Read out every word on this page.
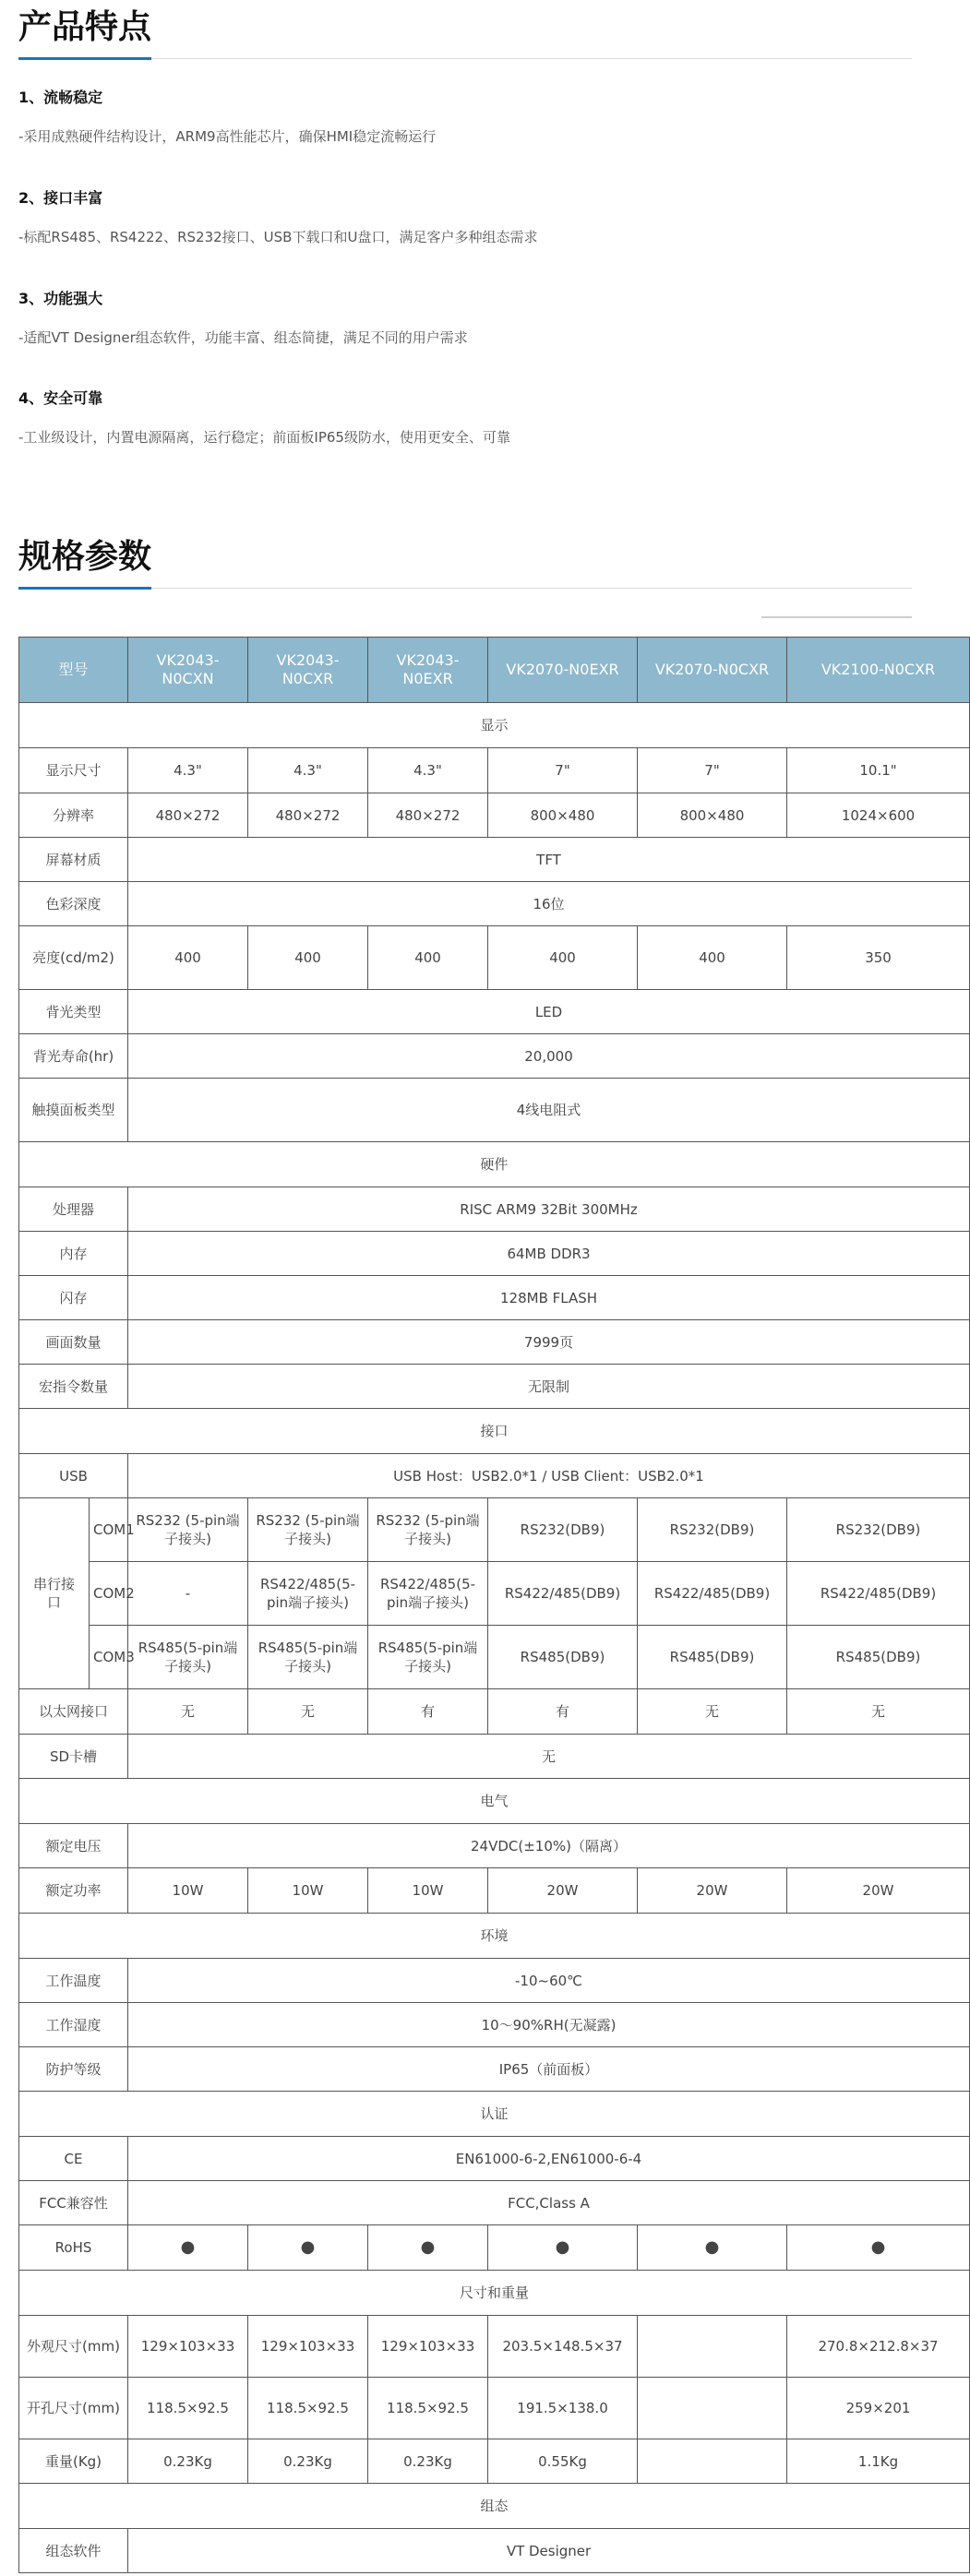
产品特点
1、流畅稳定
-采用成熟硬件结构设计，ARM9高性能芯片，确保HMI稳定流畅运行
2、接口丰富
-标配RS485、RS4222、RS232接口、USB下载口和U盘口，满足客户多种组态需求
3、功能强大
-适配VT Designer组态软件，功能丰富、组态简捷，满足不同的用户需求
4、安全可靠
-工业级设计，内置电源隔离，运行稳定；前面板IP65级防水，使用更安全、可靠
规格参数
型号		VK2043-N0CXN	VK2043-N0CXR	VK2043-N0EXR	VK2070-N0EXR	VK2070-N0CXR	VK2100-N0CXR
显示							
显示尺寸		4.3"	4.3"	4.3"	7"	7"	10.1"
分辨率		480×272	480×272	480×272	800×480	800×480	1024×600
屏幕材质		TFT					
色彩深度		16位					
亮度(cd/m2)		400	400	400	400	400	350
背光类型		LED					
背光寿命(hr)		20,000					
触摸面板类型		4线电阻式					
硬件							
处理器		RISC ARM9 32Bit 300MHz					
内存		64MB DDR3					
闪存		128MB FLASH					
画面数量		7999页					
宏指令数量		无限制					
接口							
USB		USB Host：USB2.0*1 / USB Client：USB2.0*1					
串行接口	COM1	RS232 (5-pin端子接头)	RS232 (5-pin端子接头)	RS232 (5-pin端子接头)	RS232(DB9)	RS232(DB9)	RS232(DB9)
	COM2	-	RS422/485(5-pin端子接头)	RS422/485(5-pin端子接头)	RS422/485(DB9)	RS422/485(DB9)	RS422/485(DB9)
	COM3	RS485(5-pin端子接头)	RS485(5-pin端子接头)	RS485(5-pin端子接头)	RS485(DB9)	RS485(DB9)	RS485(DB9)
以太网接口		无	无	有	有	无	无
SD卡槽		无					
电气							
额定电压		24VDC(±10%)（隔离）					
额定功率		10W	10W	10W	20W	20W	20W
环境							
工作温度		-10~60℃					
工作湿度		10～90%RH(无凝露)					
防护等级		IP65（前面板）					
认证							
CE		EN61000-6-2,EN61000-6-4					
FCC兼容性		FCC,Class A					
RoHS		●	●	●	●	●	●
尺寸和重量							
外观尺寸(mm)		129×103×33	129×103×33	129×103×33	203.5×148.5×37		270.8×212.8×37
开孔尺寸(mm)		118.5×92.5	118.5×92.5	118.5×92.5	191.5×138.0		259×201
重量(Kg)		0.23Kg	0.23Kg	0.23Kg	0.55Kg		1.1Kg
组态							
组态软件		VT Designer					
